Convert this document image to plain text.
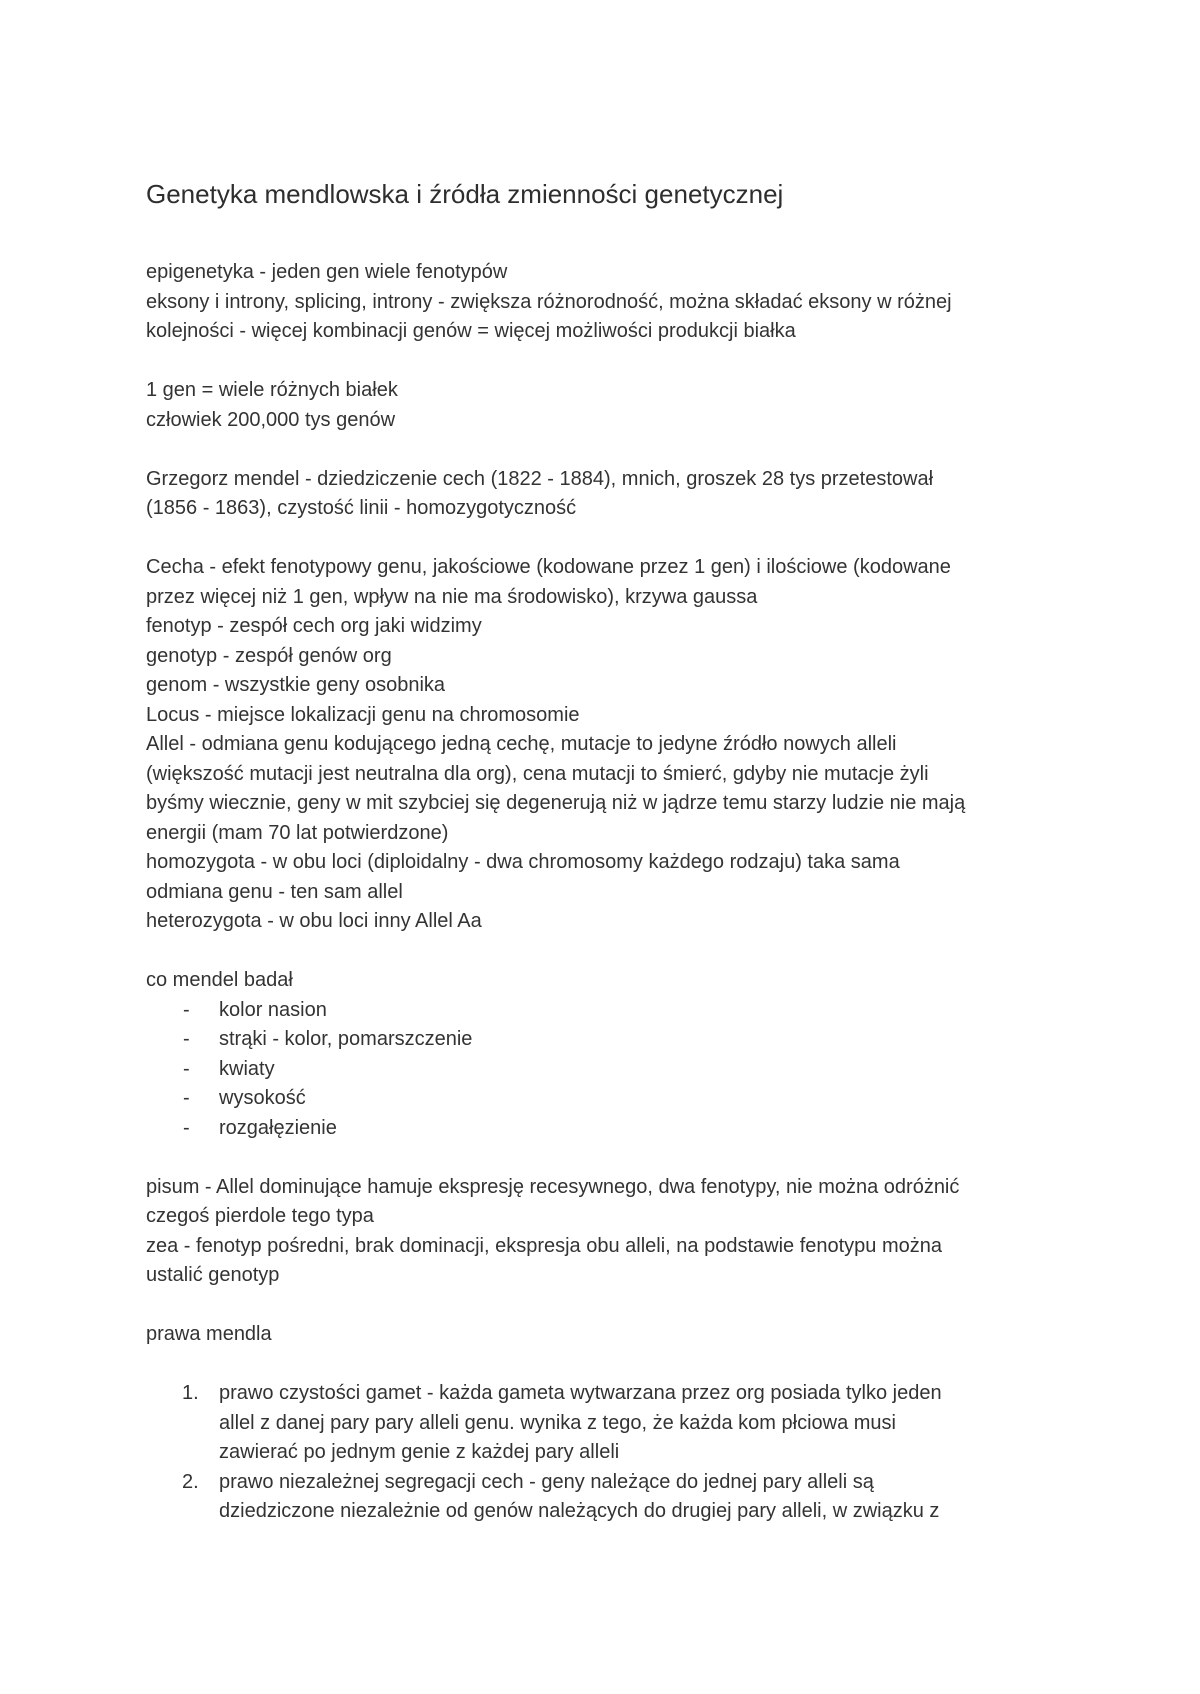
Genetyka mendlowska i źródła zmienności genetycznej

epigenetyka - jeden gen wiele fenotypów
eksony i introny, splicing, introny - zwiększa różnorodność, można składać eksony w różnej
kolejności - więcej kombinacji genów = więcej możliwości produkcji białka

1 gen = wiele różnych białek
człowiek 200,000 tys genów

Grzegorz mendel - dziedziczenie cech (1822 - 1884), mnich, groszek 28 tys przetestował
(1856 - 1863), czystość linii - homozygotyczność

Cecha - efekt fenotypowy genu, jakościowe (kodowane przez 1 gen) i ilościowe (kodowane
przez więcej niż 1 gen, wpływ na nie ma środowisko), krzywa gaussa
fenotyp - zespół cech org jaki widzimy
genotyp - zespół genów org
genom - wszystkie geny osobnika
Locus - miejsce lokalizacji genu na chromosomie
Allel - odmiana genu kodującego jedną cechę, mutacje to jedyne źródło nowych alleli
(większość mutacji jest neutralna dla org), cena mutacji to śmierć, gdyby nie mutacje żyli
byśmy wiecznie, geny w mit szybciej się degenerują niż w jądrze temu starzy ludzie nie mają
energii (mam 70 lat potwierdzone)
homozygota - w obu loci (diploidalny - dwa chromosomy każdego rodzaju) taka sama
odmiana genu - ten sam allel
heterozygota - w obu loci inny Allel Aa

co mendel badał

- kolor nasion
- strąki - kolor, pomarszczenie
- kwiaty
- wysokość
- rozgałęzienie

pisum - Allel dominujące hamuje ekspresję recesywnego, dwa fenotypy, nie można odróżnić
czegoś pierdole tego typa
zea - fenotyp pośredni, brak dominacji, ekspresja obu alleli, na podstawie fenotypu można
ustalić genotyp

prawa mendla

1. prawo czystości gamet - każda gameta wytwarzana przez org posiada tylko jeden
allel z danej pary pary alleli genu. wynika z tego, że każda kom płciowa musi
zawierać po jednym genie z każdej pary alleli
2. prawo niezależnej segregacji cech - geny należące do jednej pary alleli są
dziedziczone niezależnie od genów należących do drugiej pary alleli, w związku z
